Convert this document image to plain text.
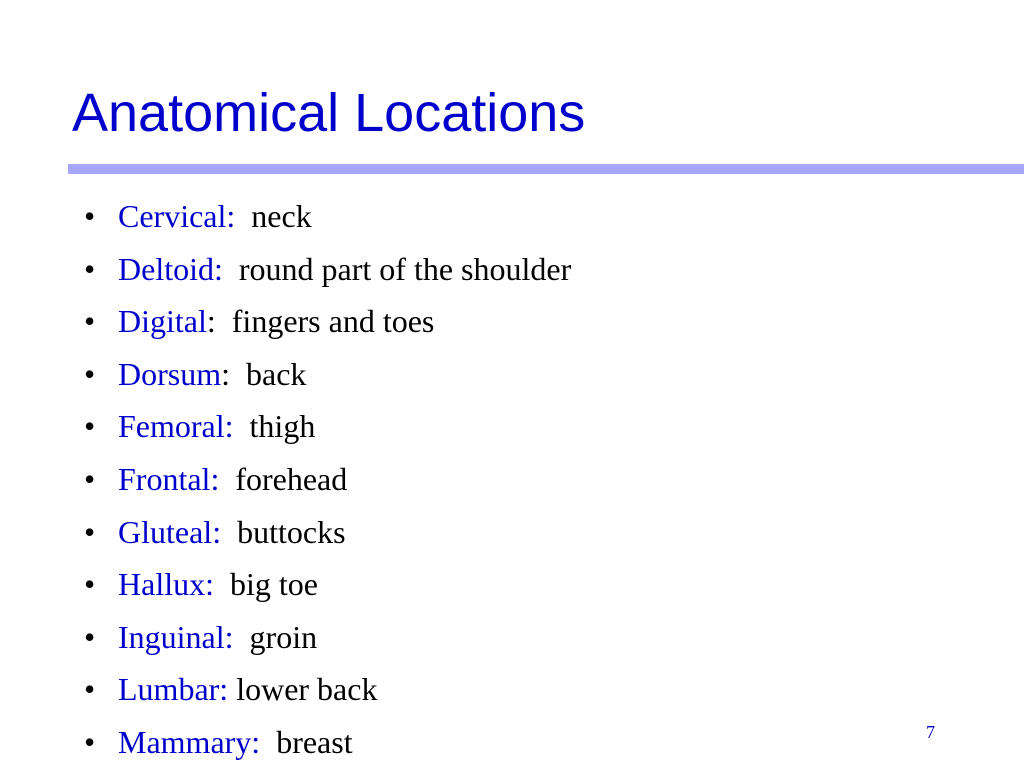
Anatomical Locations
• Cervical: neck
• Deltoid: round part of the shoulder
• Digital:  fingers and toes
• Dorsum:  back
• Femoral: thigh
• Frontal: forehead
• Gluteal: buttocks
• Hallux: big toe
• Inguinal: groin
• Lumbar: lower back
• Mammary: breast	7
